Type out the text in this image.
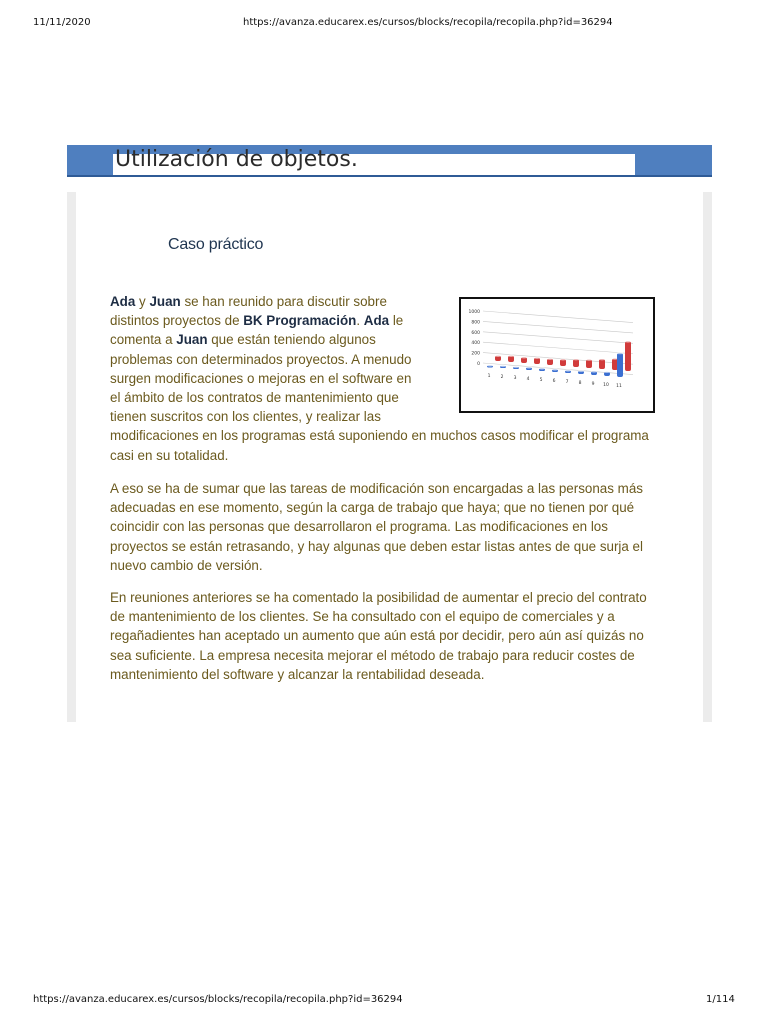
11/11/2020	https://avanza.educarex.es/cursos/blocks/recopila/recopila.php?id=36294
Utilización de objetos.
Caso práctico

0
200
400
600
800
1000
1 2 3 4 5 6 7 8 9 10 11
Ada y Juan se han reunido para discutir sobre distintos proyectos de BK Programación. Ada le comenta a Juan que están teniendo algunos problemas con determinados proyectos. A menudo surgen modificaciones o mejoras en el software en el ámbito de los contratos de mantenimiento que tienen suscritos con los clientes, y realizar las modificaciones en los programas está suponiendo en muchos casos modificar el programa casi en su totalidad.

A eso se ha de sumar que las tareas de modificación son encargadas a las personas más adecuadas en ese momento, según la carga de trabajo que haya; que no tienen por qué coincidir con las personas que desarrollaron el programa. Las modificaciones en los proyectos se están retrasando, y hay algunas que deben estar listas antes de que surja el nuevo cambio de versión.

En reuniones anteriores se ha comentado la posibilidad de aumentar el precio del contrato de mantenimiento de los clientes. Se ha consultado con el equipo de comerciales y a regañadientes han aceptado un aumento que aún está por decidir, pero aún así quizás no sea suficiente. La empresa necesita mejorar el método de trabajo para reducir costes de mantenimiento del software y alcanzar la rentabilidad deseada.

https://avanza.educarex.es/cursos/blocks/recopila/recopila.php?id=36294	1/114
